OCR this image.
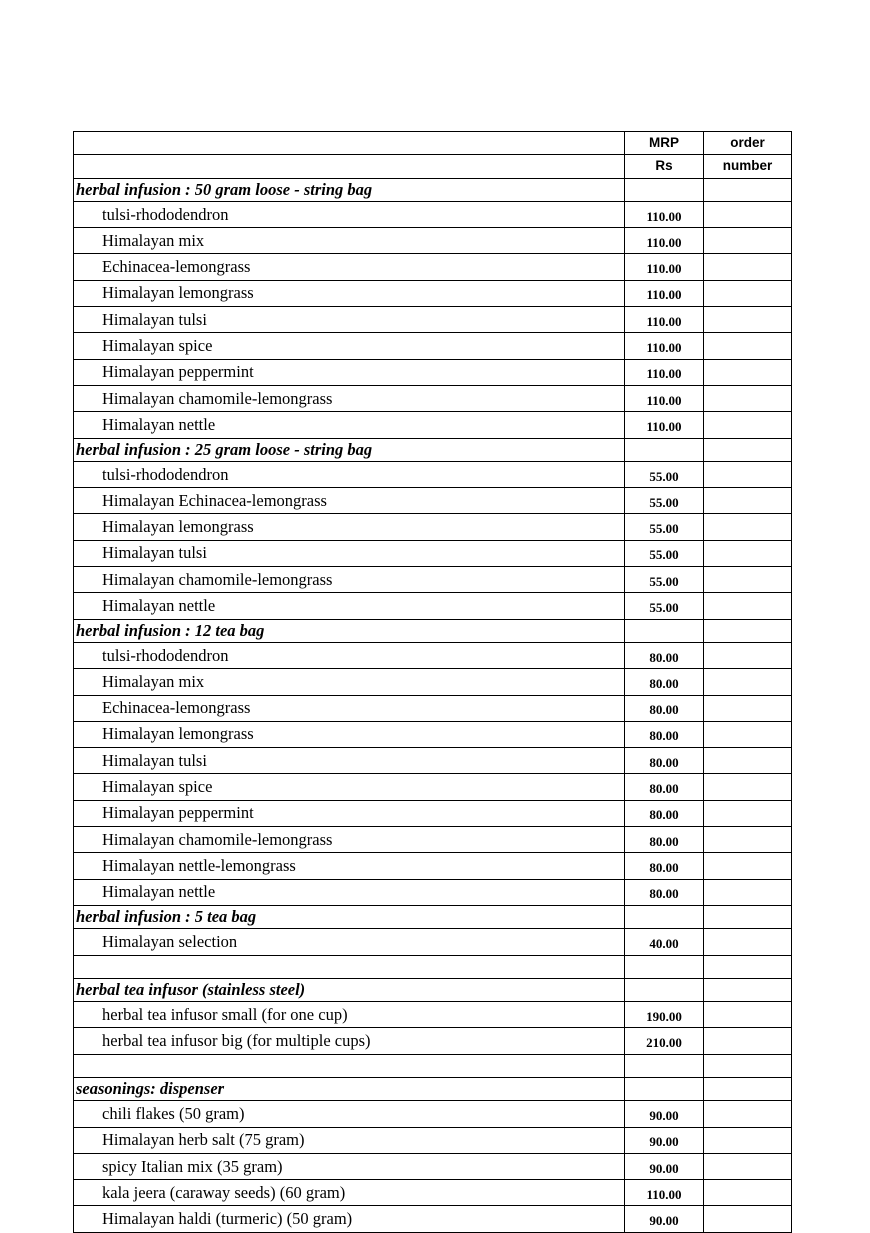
	MRP	order
	Rs	number
herbal infusion : 50 gram loose - string bag		
tulsi-rhododendron	110.00	
Himalayan mix	110.00	
Echinacea-lemongrass	110.00	
Himalayan lemongrass	110.00	
Himalayan tulsi	110.00	
Himalayan spice	110.00	
Himalayan peppermint	110.00	
Himalayan chamomile-lemongrass	110.00	
Himalayan nettle	110.00	
herbal infusion : 25 gram loose - string bag		
tulsi-rhododendron	55.00	
Himalayan Echinacea-lemongrass	55.00	
Himalayan lemongrass	55.00	
Himalayan tulsi	55.00	
Himalayan chamomile-lemongrass	55.00	
Himalayan nettle	55.00	
herbal infusion : 12 tea bag		
tulsi-rhododendron	80.00	
Himalayan mix	80.00	
Echinacea-lemongrass	80.00	
Himalayan lemongrass	80.00	
Himalayan tulsi	80.00	
Himalayan spice	80.00	
Himalayan peppermint	80.00	
Himalayan chamomile-lemongrass	80.00	
Himalayan nettle-lemongrass	80.00	
Himalayan nettle	80.00	
herbal infusion : 5 tea bag		
Himalayan selection	40.00	

herbal tea infusor (stainless steel)		
herbal tea infusor small (for one cup)	190.00	
herbal tea infusor big (for multiple cups)	210.00	

seasonings: dispenser		
chili flakes (50 gram)	90.00	
Himalayan herb salt (75 gram)	90.00	
spicy Italian mix (35 gram)	90.00	
kala jeera (caraway seeds) (60 gram)	110.00	
Himalayan haldi (turmeric) (50 gram)	90.00	
